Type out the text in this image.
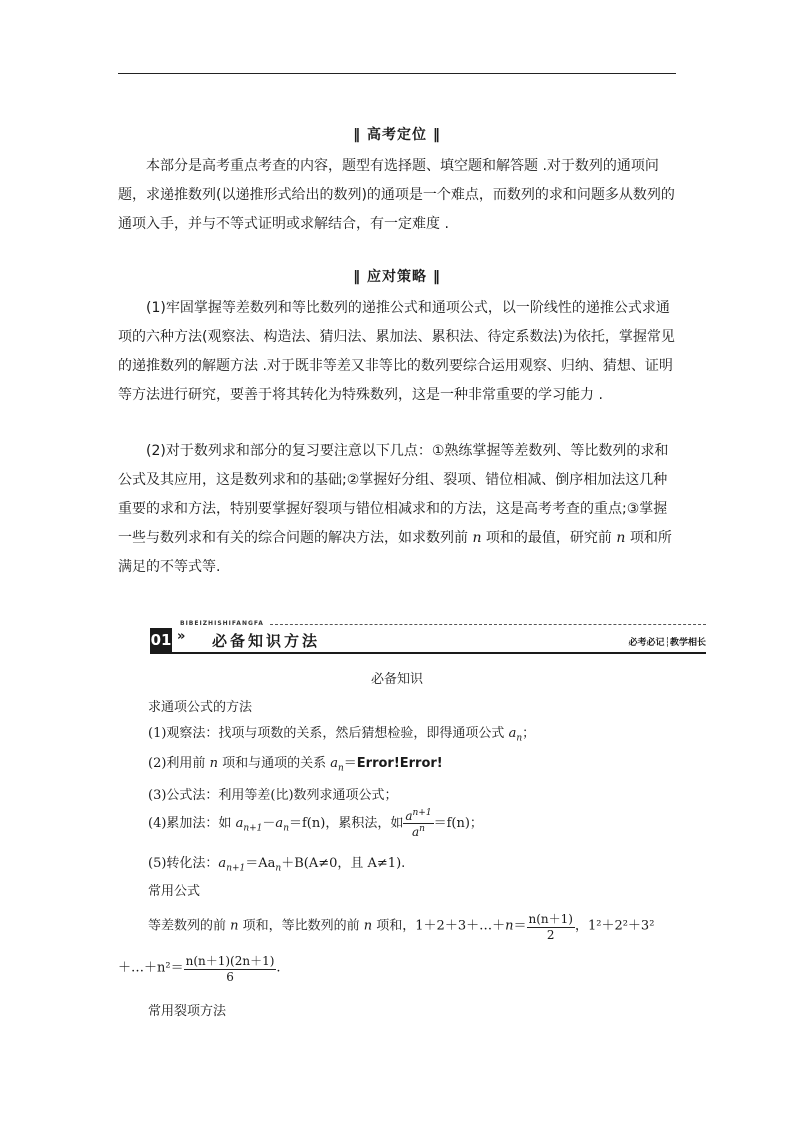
‖ 高考定位 ‖

本部分是高考重点考查的内容，题型有选择题、填空题和解答题 .对于数列的通项问题，求递推数列(以递推形式给出的数列)的通项是一个难点，而数列的求和问题多从数列的通项入手，并与不等式证明或求解结合，有一定难度 .

‖ 应对策略 ‖

(1)牢固掌握等差数列和等比数列的递推公式和通项公式，以一阶线性的递推公式求通项的六种方法(观察法、构造法、猜归法、累加法、累积法、待定系数法)为依托，掌握常见的递推数列的解题方法 .对于既非等差又非等比的数列要综合运用观察、归纳、猜想、证明等方法进行研究，要善于将其转化为特殊数列，这是一种非常重要的学习能力 .

(2)对于数列求和部分的复习要注意以下几点：①熟练掌握等差数列、等比数列的求和公式及其应用，这是数列求和的基础;②掌握好分组、裂项、错位相减、倒序相加法这几种重要的求和方法，特别要掌握好裂项与错位相减求和的方法，这是高考考查的重点;③掌握一些与数列求和有关的综合问题的解决方法，如求数列前 n 项和的最值，研究前 n 项和所满足的不等式等.

BIBEIZHISHIFANGFA
01 » 必备知识方法	必考必记┆教学相长
必备知识
求通项公式的方法
(1)观察法：找项与项数的关系，然后猜想检验，即得通项公式 $a_n$；
(2)利用前 n 项和与通项的关系 $a_n=Error!Error$!
(3)公式法：利用等差(比)数列求通项公式；
(4)累加法：如 $a_{n+1}-a_n=f(n)$，累积法，如 $\frac{a^{n+1}}{a^n} =f(n)$；
(5)转化法：$a_{n+1}=Aa_n+B(A\ne 0$，且 A≠1).
常用公式
等差数列的前 n 项和，等比数列的前 n 项和，1＋2＋3＋…＋n＝ $\frac{n(n+1)}{2}$ ，1²＋2²＋3²
＋…＋n²＝ $\frac{n(n+1)(2n+1)}{6}$ .
常用裂项方法
